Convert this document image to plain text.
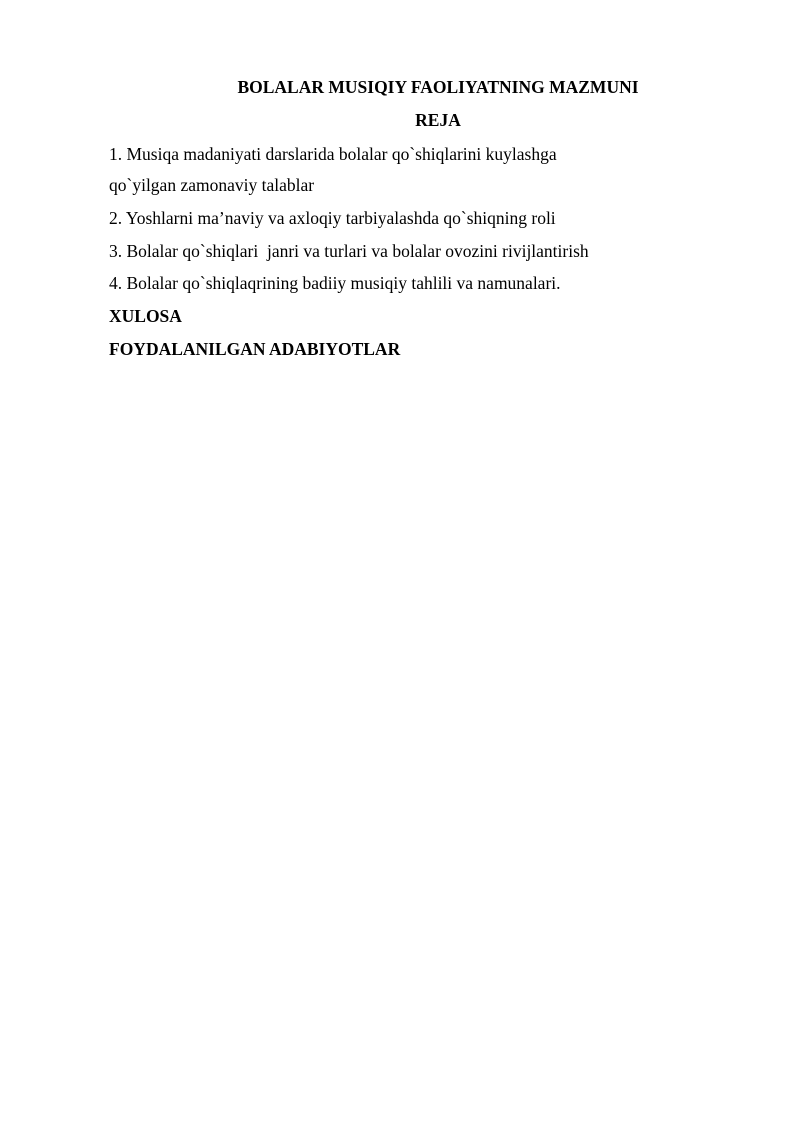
BOLALAR MUSIQIY FAOLIYATNING MAZMUNI
REJA
1. Musiqa madaniyati darslarida bolalar qo`shiqlarini kuylashga
qo`yilgan zamonaviy talablar
2. Yoshlarni ma’naviy va axloqiy tarbiyalashda qo`shiqning roli
3. Bolalar qo`shiqlari  janri va turlari va bolalar ovozini rivijlantirish
4. Bolalar qo`shiqlaqrining badiiy musiqiy tahlili va namunalari.
XULOSA
FOYDALANILGAN ADABIYOTLAR
